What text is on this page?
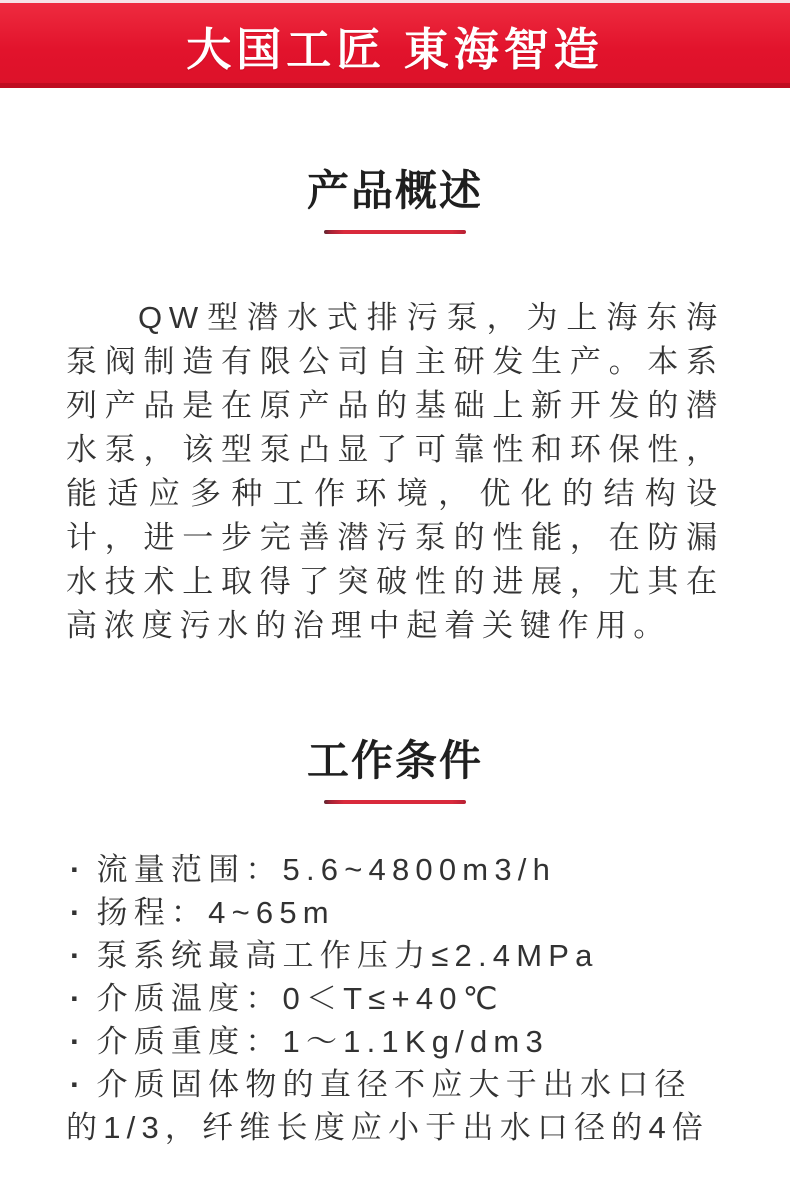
大国工匠 東海智造
产品概述

QW型潜水式排污泵，为上海东海泵阀制造有限公司自主研发生产。本系列产品是在原产品的基础上新开发的潜水泵，该型泵凸显了可靠性和环保性，能适应多种工作环境，优化的结构设计，进一步完善潜污泵的性能，在防漏水技术上取得了突破性的进展，尤其在高浓度污水的治理中起着关键作用。

工作条件
· 流量范围：5.6~4800m3/h
· 扬程：4~65m
· 泵系统最高工作压力≤2.4MPa
· 介质温度：0＜T≤+40℃
· 介质重度：1～1.1Kg/dm3
· 介质固体物的直径不应大于出水口径的1/3，纤维长度应小于出水口径的4倍
